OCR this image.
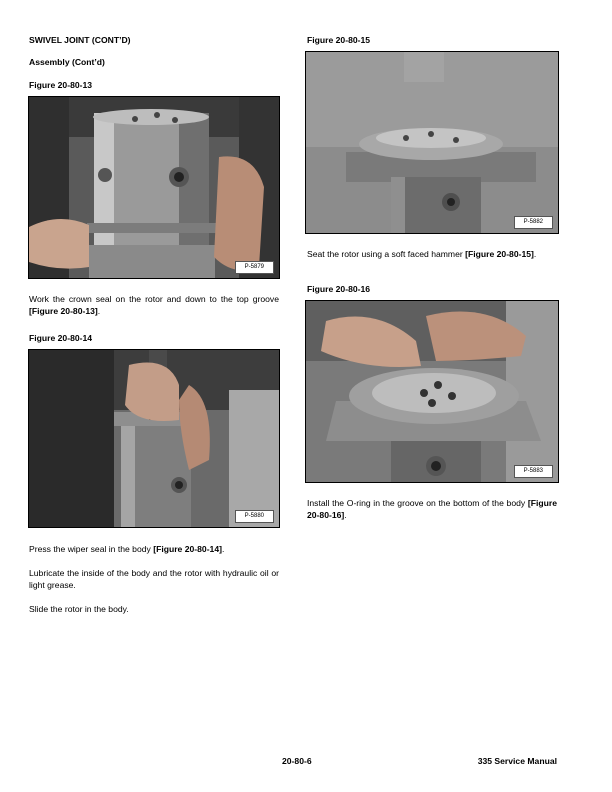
SWIVEL JOINT (CONT’D)
Assembly (Cont’d)
Figure 20-80-13
P-5879
Work the crown seal on the rotor and down to the top groove [Figure 20-80-13].
Figure 20-80-14
P-5880
Press the wiper seal in the body [Figure 20-80-14].
Lubricate the inside of the body and the rotor with hydraulic oil or light grease.
Slide the rotor in the body.
Figure 20-80-15
P-5882
Seat the rotor using a soft faced hammer [Figure 20-80-15].
Figure 20-80-16
P-5883
Install the O-ring in the groove on the bottom of the body [Figure 20-80-16].
20-80-6	335 Service Manual
